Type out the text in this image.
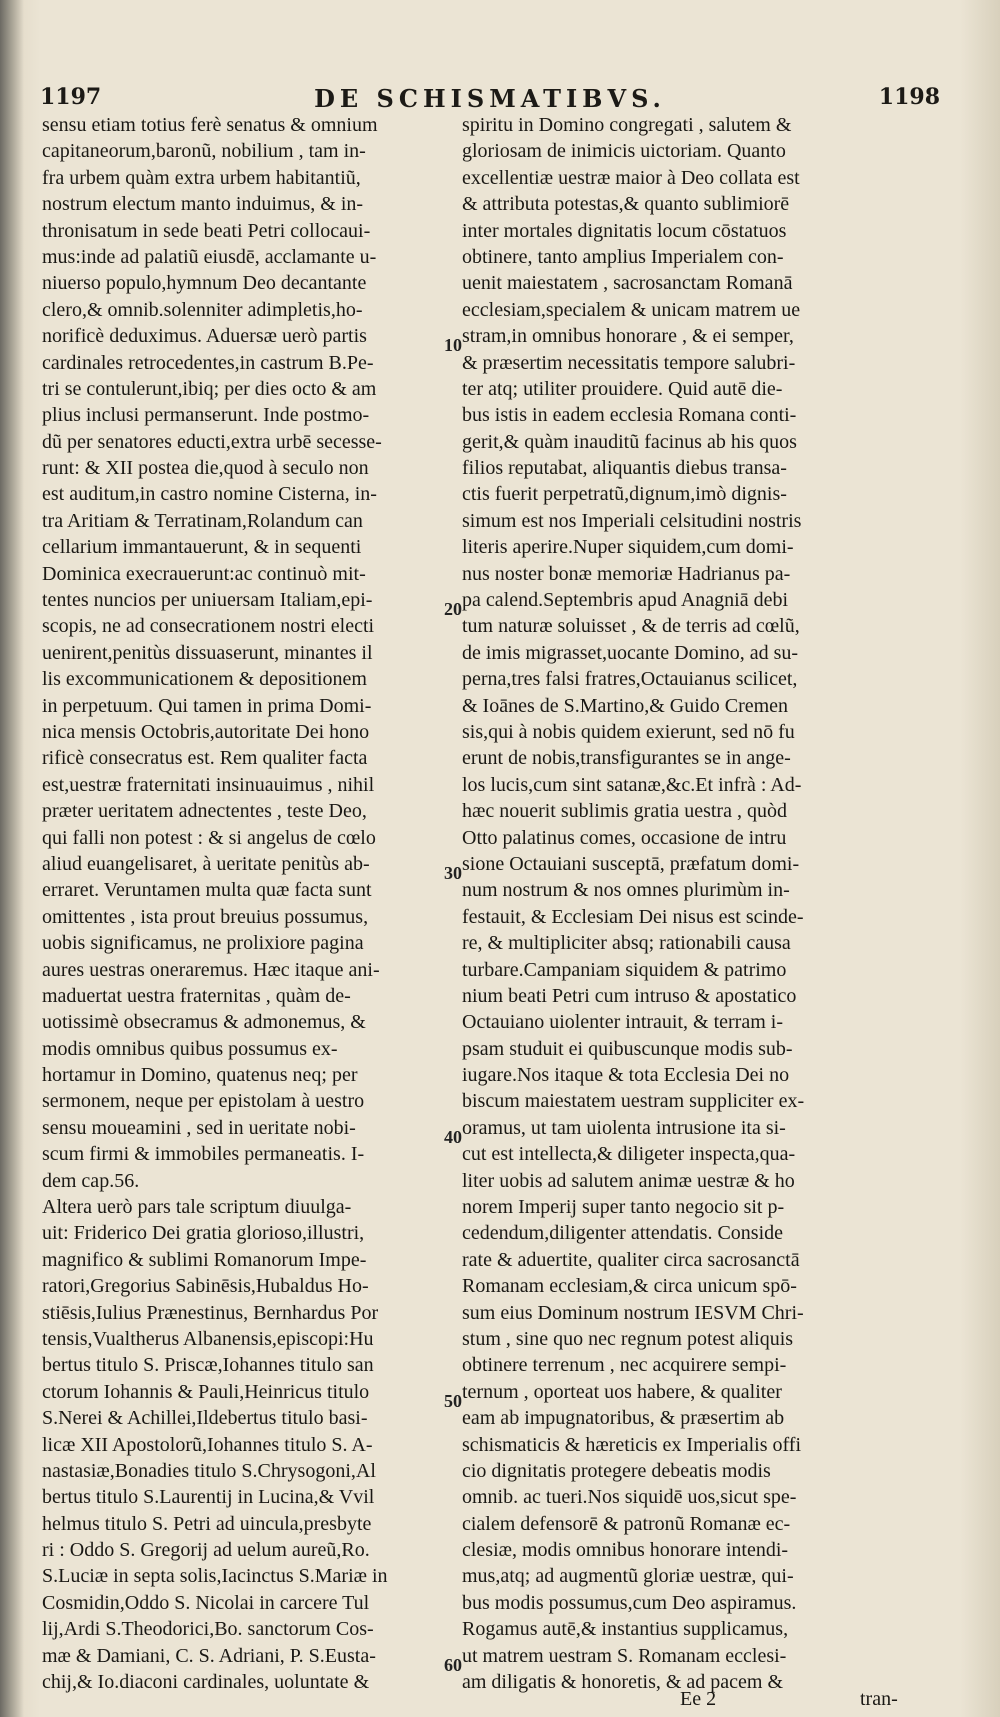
1197	DE SCHISMATIBVS.	1198
sensu etiam totius ferè senatus & omnium
capitaneorum,baronũ, nobilium , tam in-
fra urbem quàm extra urbem habitantiũ,
nostrum electum manto induimus, & in-
thronisatum in sede beati Petri collocaui-
mus:inde ad palatiũ eiusdē, acclamante u-
niuerso populo,hymnum Deo decantante
clero,& omnib.solenniter adimpletis,ho-
norificè deduximus. Aduersæ uerò partis
cardinales retrocedentes,in castrum B.Pe-
tri se contulerunt,ibiq; per dies octo & am
plius inclusi permanserunt. Inde postmo-
dũ per senatores educti,extra urbē secesse-
runt: & XII postea die,quod à seculo non
est auditum,in castro nomine Cisterna, in-
tra Aritiam & Terratinam,Rolandum can
cellarium immantauerunt, & in sequenti
Dominica execrauerunt:ac continuò mit-
tentes nuncios per uniuersam Italiam,epi-
scopis, ne ad consecrationem nostri electi
uenirent,penitùs dissuaserunt, minantes il
lis excommunicationem & depositionem
in perpetuum. Qui tamen in prima Domi-
nica mensis Octobris,autoritate Dei hono
rificè consecratus est. Rem qualiter facta
est,uestræ fraternitati insinuauimus , nihil
præter ueritatem adnectentes , teste Deo,
qui falli non potest : & si angelus de cœlo
aliud euangelisaret, à ueritate penitùs ab-
erraret. Veruntamen multa quæ facta sunt
omittentes , ista prout breuius possumus,
uobis significamus, ne prolixiore pagina
aures uestras oneraremus. Hæc itaque ani-
maduertat uestra fraternitas , quàm de-
uotissimè obsecramus & admonemus, &
modis omnibus quibus possumus ex-
hortamur in Domino, quatenus neq; per
sermonem, neque per epistolam à uestro
sensu moueamini , sed in ueritate nobi-
scum firmi & immobiles permaneatis. I-
dem cap.56.
Altera uerò pars tale scriptum diuulga-
uit: Friderico Dei gratia glorioso,illustri,
magnifico & sublimi Romanorum Impe-
ratori,Gregorius Sabinēsis,Hubaldus Ho-
stiēsis,Iulius Prænestinus, Bernhardus Por
tensis,Vualtherus Albanensis,episcopi:Hu
bertus titulo S. Priscæ,Iohannes titulo san
ctorum Iohannis & Pauli,Heinricus titulo
S.Nerei & Achillei,Ildebertus titulo basi-
licæ XII Apostolorũ,Iohannes titulo S. A-
nastasiæ,Bonadies titulo S.Chrysogoni,Al
bertus titulo S.Laurentij in Lucina,& Vvil
helmus titulo S. Petri ad uincula,presbyte
ri : Oddo S. Gregorij ad uelum aureũ,Ro.
S.Luciæ in septa solis,Iacinctus S.Mariæ in
Cosmidin,Oddo S. Nicolai in carcere Tul
lij,Ardi S.Theodorici,Bo. sanctorum Cos-
mæ & Damiani, C. S. Adriani, P. S.Eusta-
chij,& Io.diaconi cardinales, uoluntate &
spiritu in Domino congregati , salutem &
gloriosam de inimicis uictoriam. Quanto
excellentiæ uestræ maior à Deo collata est
& attributa potestas,& quanto sublimiorē
inter mortales dignitatis locum cōstatuos
obtinere, tanto amplius Imperialem con-
uenit maiestatem , sacrosanctam Romanā
ecclesiam,specialem & unicam matrem ue
stram,in omnibus honorare , & ei semper,
& præsertim necessitatis tempore salubri-
ter atq; utiliter prouidere. Quid autē die-
bus istis in eadem ecclesia Romana conti-
gerit,& quàm inauditũ facinus ab his quos
filios reputabat, aliquantis diebus transa-
ctis fuerit perpetratũ,dignum,imò dignis-
simum est nos Imperiali celsitudini nostris
literis aperire.Nuper siquidem,cum domi-
nus noster bonæ memoriæ Hadrianus pa-
pa calend.Septembris apud Anagniā debi
tum naturæ soluisset , & de terris ad cœlũ,
de imis migrasset,uocante Domino, ad su-
perna,tres falsi fratres,Octauianus scilicet,
& Ioānes de S.Martino,& Guido Cremen
sis,qui à nobis quidem exierunt, sed nō fu
erunt de nobis,transfigurantes se in ange-
los lucis,cum sint satanæ,&c.Et infrà : Ad-
hæc nouerit sublimis gratia uestra , quòd
Otto palatinus comes, occasione de intru
sione Octauiani susceptā, præfatum domi-
num nostrum & nos omnes plurimùm in-
festauit, & Ecclesiam Dei nisus est scinde-
re, & multipliciter absq; rationabili causa
turbare.Campaniam siquidem & patrimo
nium beati Petri cum intruso & apostatico
Octauiano uiolenter intrauit, & terram i-
psam studuit ei quibuscunque modis sub-
iugare.Nos itaque & tota Ecclesia Dei no
biscum maiestatem uestram suppliciter ex-
oramus, ut tam uiolenta intrusione ita si-
cut est intellecta,& diligeter inspecta,qua-
liter uobis ad salutem animæ uestræ & ho
norem Imperij super tanto negocio sit p-
cedendum,diligenter attendatis. Conside
rate & aduertite, qualiter circa sacrosanctā
Romanam ecclesiam,& circa unicum spō-
sum eius Dominum nostrum IESVM Chri-
stum , sine quo nec regnum potest aliquis
obtinere terrenum , nec acquirere sempi-
ternum , oporteat uos habere, & qualiter
eam ab impugnatoribus, & præsertim ab
schismaticis & hæreticis ex Imperialis offi
cio dignitatis protegere debeatis modis
omnib. ac tueri.Nos siquidē uos,sicut spe-
cialem defensorē & patronũ Romanæ ec-
clesiæ, modis omnibus honorare intendi-
mus,atq; ad augmentũ gloriæ uestræ, qui-
bus modis possumus,cum Deo aspiramus.
Rogamus autē,& instantius supplicamus,
ut matrem uestram S. Romanam ecclesi-
am diligatis & honoretis, & ad pacem &
10
20
30
40
50
60
Ee 2	tran-
